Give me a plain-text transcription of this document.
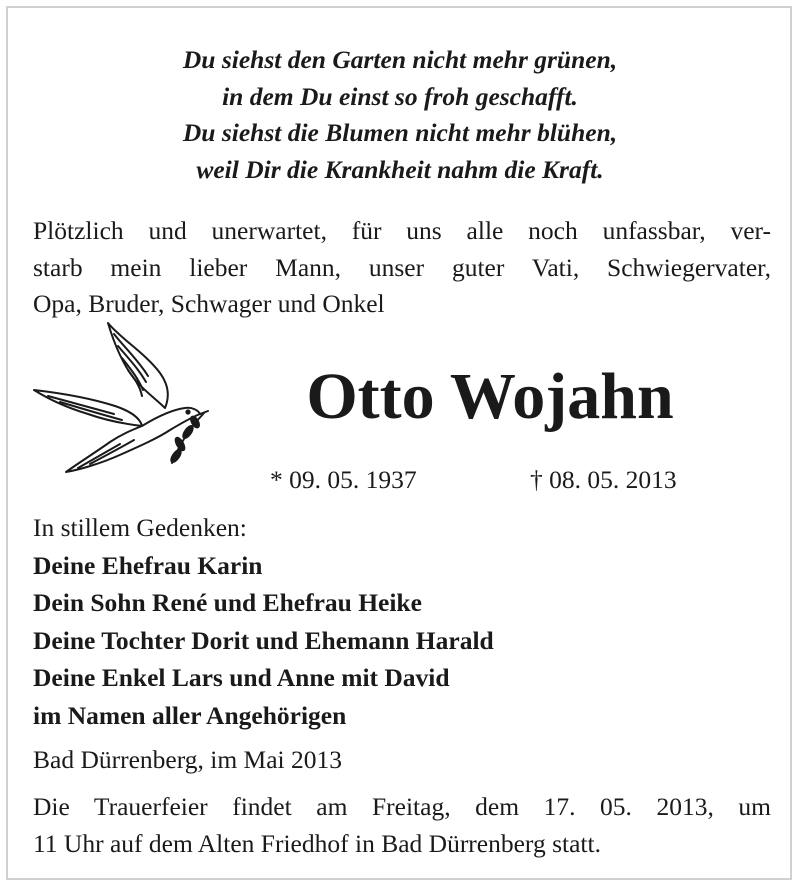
Du siehst den Garten nicht mehr grünen,
in dem Du einst so froh geschafft.
Du siehst die Blumen nicht mehr blühen,
weil Dir die Krankheit nahm die Kraft.
Plötzlich und unerwartet, für uns alle noch unfassbar, ver-
starb mein lieber Mann, unser guter Vati, Schwiegervater,
Opa, Bruder, Schwager und Onkel
Otto Wojahn
* 09. 05. 1937	† 08. 05. 2013
In stillem Gedenken:
Deine Ehefrau Karin
Dein Sohn René und Ehefrau Heike
Deine Tochter Dorit und Ehemann Harald
Deine Enkel Lars und Anne mit David
im Namen aller Angehörigen
Bad Dürrenberg, im Mai 2013
Die Trauerfeier findet am Freitag, dem 17. 05. 2013, um
11 Uhr auf dem Alten Friedhof in Bad Dürrenberg statt.
